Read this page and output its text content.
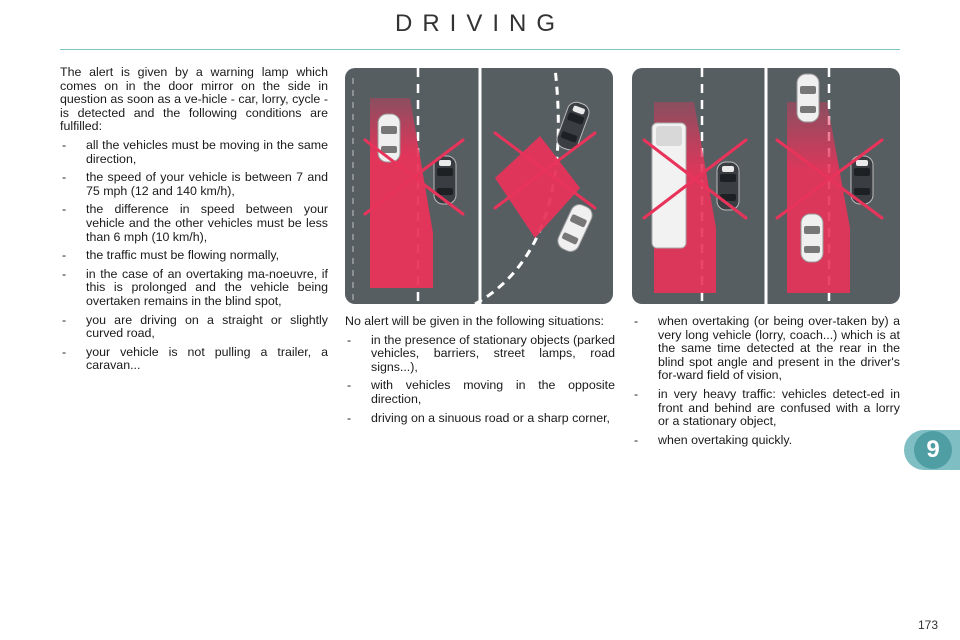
DRIVING

The alert is given by a warning lamp which comes on in the door mirror on the side in question as soon as a ve-hicle - car, lorry, cycle - is detected and the following conditions are fulfilled:

- all the vehicles must be moving in the same direction,
- the speed of your vehicle is between 7 and 75 mph (12 and 140 km/h),
- the difference in speed between your vehicle and the other vehicles must be less than 6 mph (10 km/h),
- the traffic must be flowing normally,
- in the case of an overtaking ma-noeuvre, if this is prolonged and the vehicle being overtaken remains in the blind spot,
- you are driving on a straight or slightly curved road,
- your vehicle is not pulling a trailer, a caravan...

No alert will be given in the following situations:

- in the presence of stationary objects (parked vehicles, barriers, street lamps, road signs...),
- with vehicles moving in the opposite direction,
- driving on a sinuous road or a sharp corner,
- when overtaking (or being over-taken by) a very long vehicle (lorry, coach...) which is at the same time detected at the rear in the blind spot angle and present in the driver's for-ward field of vision,
- in very heavy traffic: vehicles detect-ed in front and behind are confused with a lorry or a stationary object,
- when overtaking quickly.	9
173
